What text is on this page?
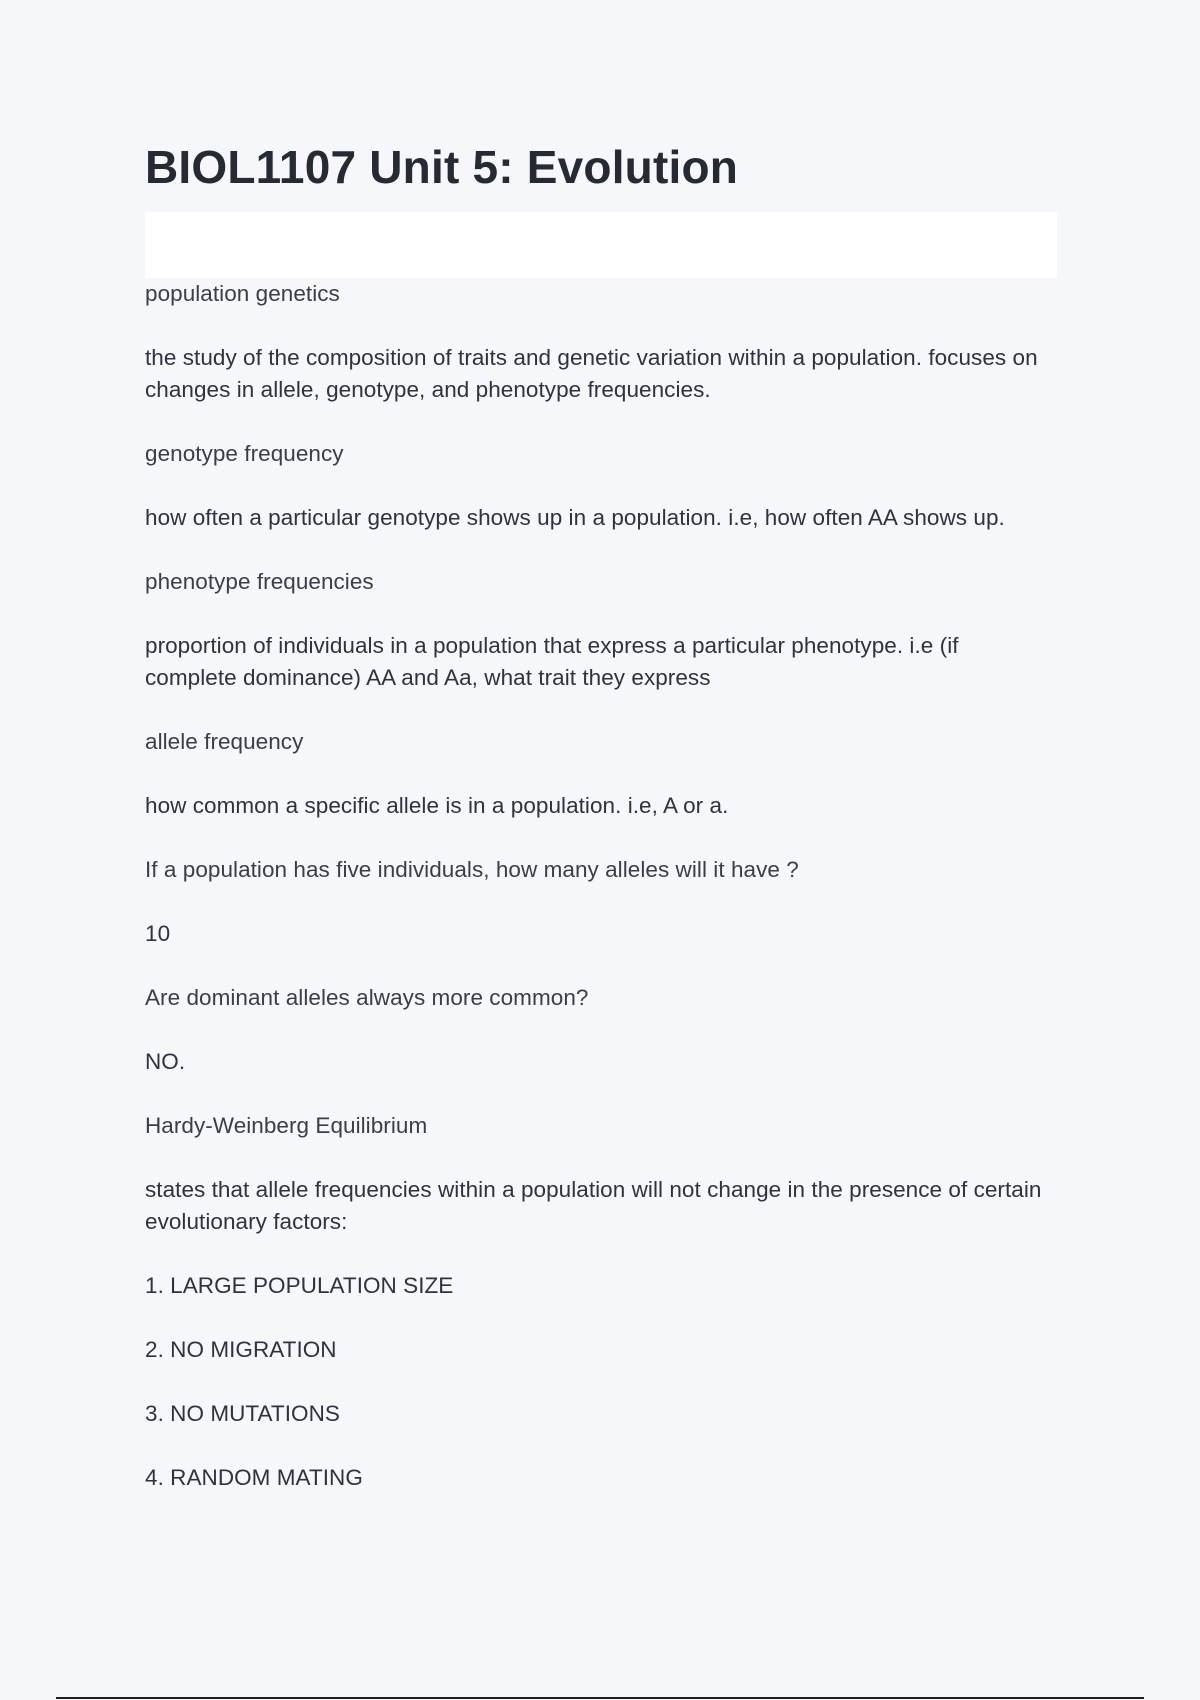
BIOL1107 Unit 5: Evolution

population genetics

the study of the composition of traits and genetic variation within a population. focuses on changes in allele, genotype, and phenotype frequencies.

genotype frequency

how often a particular genotype shows up in a population. i.e, how often AA shows up.

phenotype frequencies

proportion of individuals in a population that express a particular phenotype. i.e (if complete dominance) AA and Aa, what trait they express

allele frequency

how common a specific allele is in a population. i.e, A or a.

If a population has five individuals, how many alleles will it have ?

10

Are dominant alleles always more common?

NO.

Hardy-Weinberg Equilibrium

states that allele frequencies within a population will not change in the presence of certain evolutionary factors:

1. LARGE POPULATION SIZE

2. NO MIGRATION

3. NO MUTATIONS

4. RANDOM MATING
